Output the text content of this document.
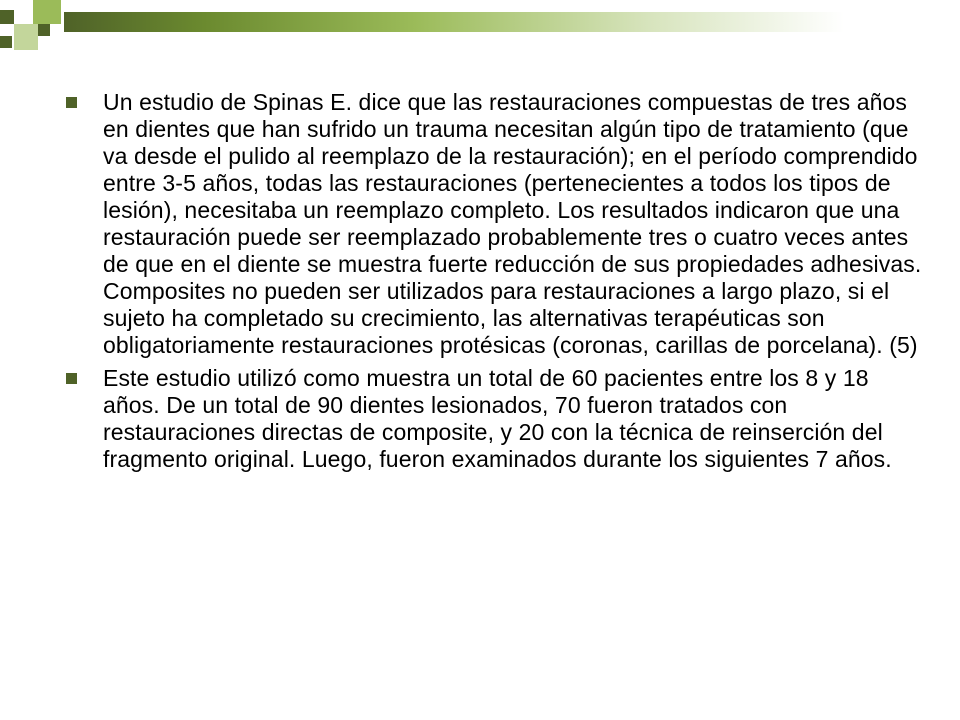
Un estudio de Spinas E. dice que las restauraciones compuestas de tres años en dientes que han sufrido un trauma necesitan algún tipo de tratamiento (que va desde el pulido al reemplazo de la restauración); en el período comprendido entre 3-5 años, todas las restauraciones (pertenecientes a todos los tipos de lesión), necesitaba un reemplazo completo. Los resultados indicaron que una restauración puede ser reemplazado probablemente tres o cuatro veces antes de que en el diente se muestra fuerte reducción de sus propiedades adhesivas. Composites no pueden ser utilizados para restauraciones a largo plazo, si el sujeto ha completado su crecimiento, las alternativas terapéuticas son obligatoriamente restauraciones protésicas (coronas, carillas de porcelana). (5)
Este estudio utilizó como muestra un total de 60 pacientes entre los 8 y 18 años. De un total de 90 dientes lesionados, 70 fueron tratados con restauraciones directas de composite, y 20 con la técnica de reinserción del fragmento original. Luego, fueron examinados durante los siguientes 7 años.
